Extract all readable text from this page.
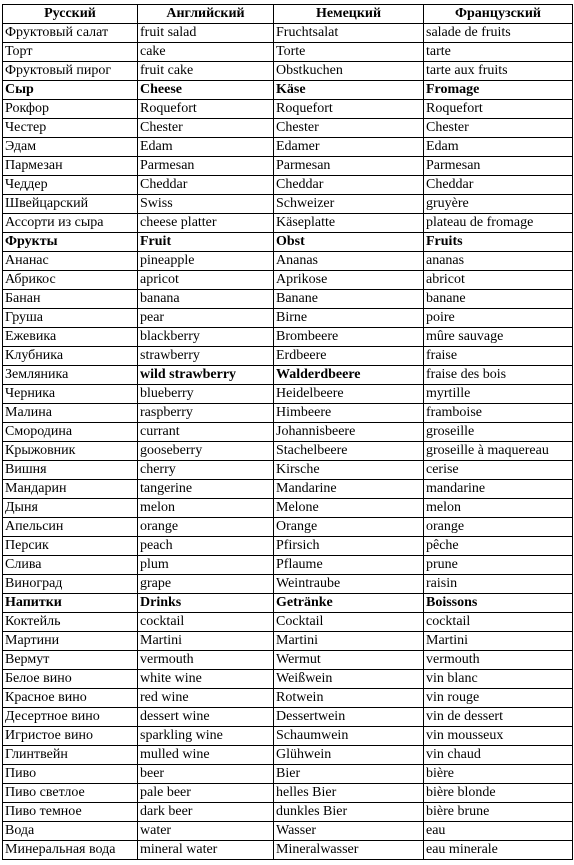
Русский	Английский	Немецкий	Французский
Фруктовый салат	fruit salad	Fruchtsalat	salade de fruits
Торт	cake	Torte	tarte
Фруктовый пирог	fruit cake	Obstkuchen	tarte aux fruits
Сыр	Cheese	Käse	Fromage
Рокфор	Roquefort	Roquefort	Roquefort
Честер	Chester	Chester	Chester
Эдам	Edam	Edamer	Edam
Пармезан	Parmesan	Parmesan	Parmesan
Чеддер	Cheddar	Cheddar	Cheddar
Швейцарский	Swiss	Schweizer	gruyère
Ассорти из сыра	cheese platter	Käseplatte	plateau de fromage
Фрукты	Fruit	Obst	Fruits
Ананас	pineapple	Ananas	ananas
Абрикос	apricot	Aprikose	abricot
Банан	banana	Banane	banane
Груша	pear	Birne	poire
Ежевика	blackberry	Brombeere	mûre sauvage
Клубника	strawberry	Erdbeere	fraise
Земляника	wild strawberry	Walderdbeere	fraise des bois
Черника	blueberry	Heidelbeere	myrtille
Малина	raspberry	Himbeere	framboise
Смородина	currant	Johannisbeere	groseille
Крыжовник	gooseberry	Stachelbeere	groseille à maquereau
Вишня	cherry	Kirsche	cerise
Мандарин	tangerine	Mandarine	mandarine
Дыня	melon	Melone	melon
Апельсин	orange	Orange	orange
Персик	peach	Pfirsich	pêche
Слива	plum	Pflaume	prune
Виноград	grape	Weintraube	raisin
Напитки	Drinks	Getränke	Boissons
Коктейль	cocktail	Cocktail	cocktail
Мартини	Martini	Martini	Martini
Вермут	vermouth	Wermut	vermouth
Белое вино	white wine	Weißwein	vin blanc
Красное вино	red wine	Rotwein	vin rouge
Десертное вино	dessert wine	Dessertwein	vin de dessert
Игристое вино	sparkling wine	Schaumwein	vin mousseux
Глинтвейн	mulled wine	Glühwein	vin chaud
Пиво	beer	Bier	bière
Пиво светлое	pale beer	helles Bier	bière blonde
Пиво темное	dark beer	dunkles Bier	bière brune
Вода	water	Wasser	eau
Минеральная вода	mineral water	Mineralwasser	eau minerale
